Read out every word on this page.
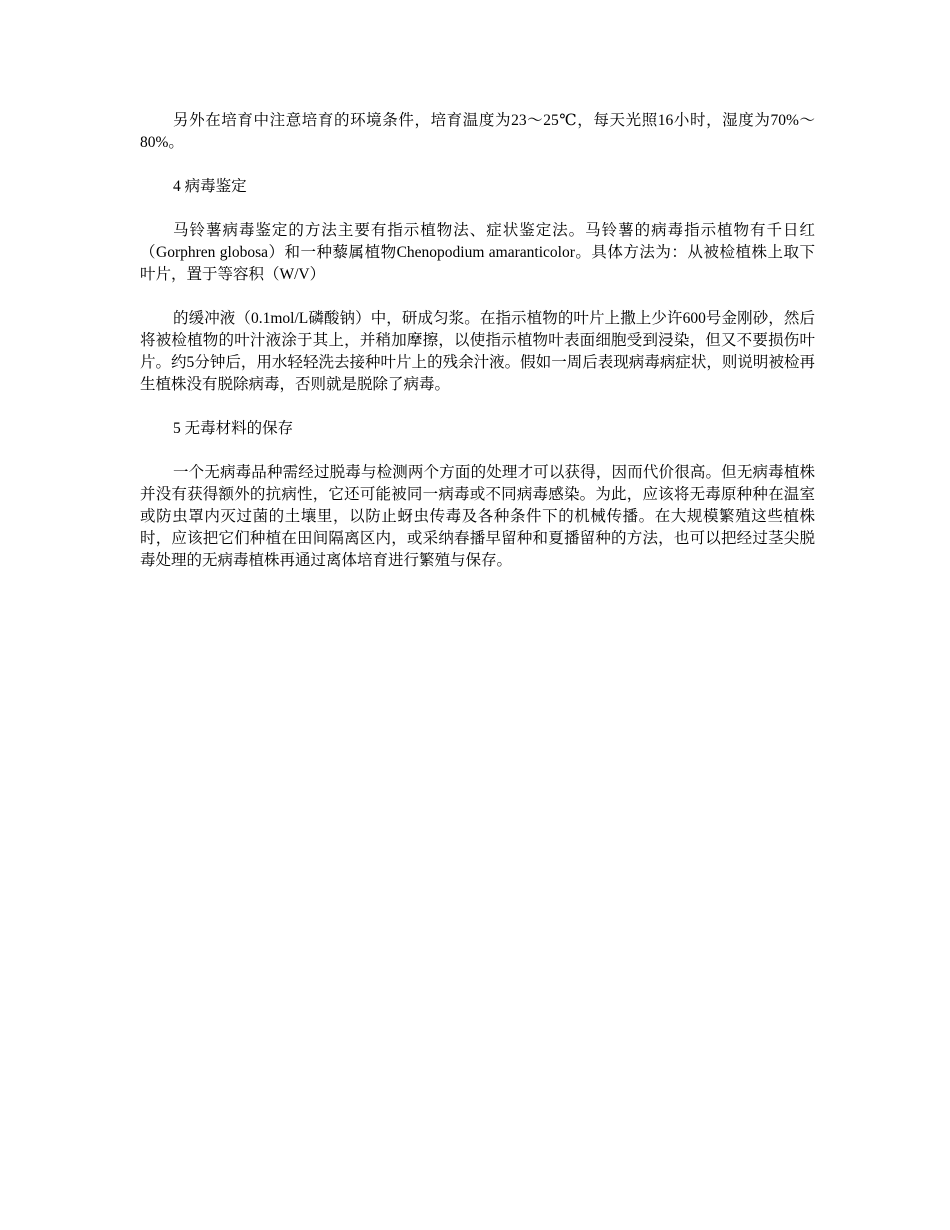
另外在培育中注意培育的环境条件，培育温度为23～25℃，每天光照16小时，湿度为70%～80%。

4 病毒鉴定

马铃薯病毒鉴定的方法主要有指示植物法、症状鉴定法。马铃薯的病毒指示植物有千日红（Gorphren globosa）和一种藜属植物Chenopodium amaranticolor。具体方法为：从被检植株上取下叶片，置于等容积（W/V）

的缓冲液（0.1mol/L磷酸钠）中，研成匀浆。在指示植物的叶片上撒上少许600号金刚砂，然后将被检植物的叶汁液涂于其上，并稍加摩擦，以使指示植物叶表面细胞受到浸染，但又不要损伤叶片。约5分钟后，用水轻轻洗去接种叶片上的残余汁液。假如一周后表现病毒病症状，则说明被检再生植株没有脱除病毒，否则就是脱除了病毒。

5 无毒材料的保存

一个无病毒品种需经过脱毒与检测两个方面的处理才可以获得，因而代价很高。但无病毒植株并没有获得额外的抗病性，它还可能被同一病毒或不同病毒感染。为此，应该将无毒原种种在温室或防虫罩内灭过菌的土壤里，以防止蚜虫传毒及各种条件下的机械传播。在大规模繁殖这些植株时，应该把它们种植在田间隔离区内，或采纳春播早留种和夏播留种的方法，也可以把经过茎尖脱毒处理的无病毒植株再通过离体培育进行繁殖与保存。
